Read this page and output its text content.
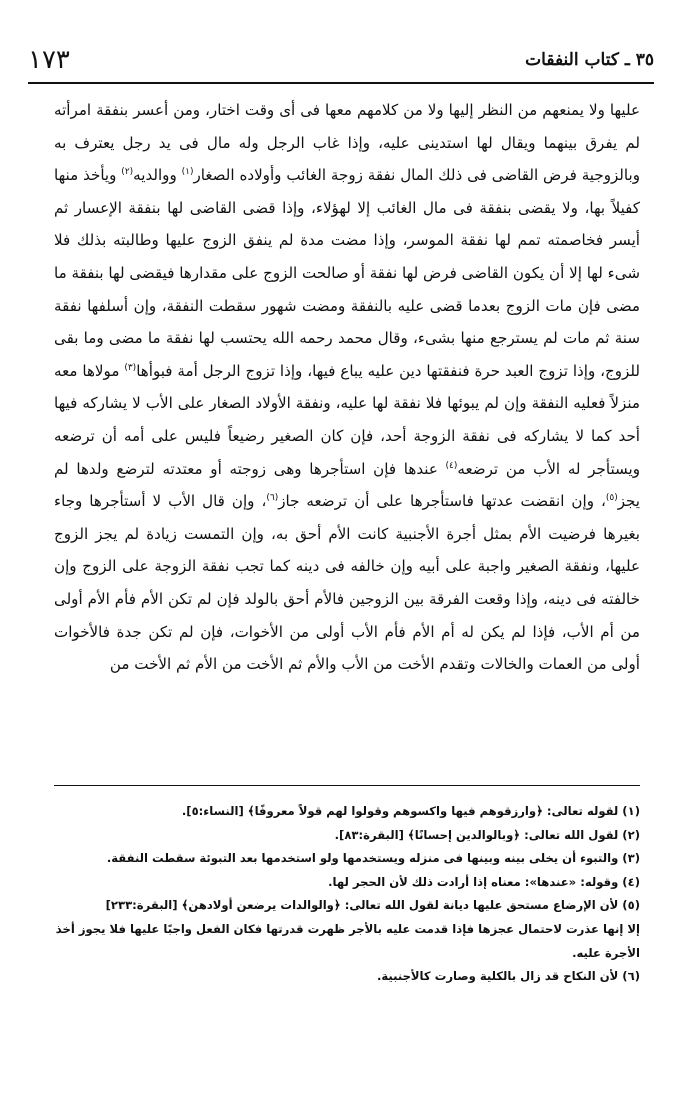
٣٥ ـ كتاب النفقات
١٧٣

عليها ولا يمنعهم من النظر إليها ولا من كلامهم معها فى أى وقت اختار، ومن أعسر بنفقة امرأته لم يفرق بينهما ويقال لها استدينى عليه، وإذا غاب الرجل وله مال فى يد رجل يعترف به وبالزوجية فرض القاضى فى ذلك المال نفقة زوجة الغائب وأولاده الصغار$^{(١)}$ ووالديه$^{(٢)}$ ويأخذ منها كفيلاً بها، ولا يقضى بنفقة فى مال الغائب إلا لهؤلاء، وإذا قضى القاضى لها بنفقة الإعسار ثم أيسر فخاصمته تمم لها نفقة الموسر، وإذا مضت مدة لم ينفق الزوج عليها وطالبته بذلك فلا شىء لها إلا أن يكون القاضى فرض لها نفقة أو صالحت الزوج على مقدارها فيقضى لها بنفقة ما مضى فإن مات الزوج بعدما قضى عليه بالنفقة ومضت شهور سقطت النفقة، وإن أسلفها نفقة سنة ثم مات لم يسترجع منها بشىء، وقال محمد رحمه الله يحتسب لها نفقة ما مضى وما بقى للزوج، وإذا تزوج العبد حرة فنفقتها دين عليه يباع فيها، وإذا تزوج الرجل أمة فبوأها$^{(٣)}$ مولاها معه منزلاً فعليه النفقة وإن لم يبوئها فلا نفقة لها عليه، ونفقة الأولاد الصغار على الأب لا يشاركه فيها أحد كما لا يشاركه فى نفقة الزوجة أحد، فإن كان الصغير رضيعاً فليس على أمه أن ترضعه ويستأجر له الأب من ترضعه$^{(٤)}$ عندها فإن استأجرها وهى زوجته أو معتدته لترضع ولدها لم يجز$^{(٥)}$، وإن انقضت عدتها فاستأجرها على أن ترضعه جاز$^{(٦)}$، وإن قال الأب لا أستأجرها وجاء بغيرها فرضيت الأم بمثل أجرة الأجنبية كانت الأم أحق به، وإن التمست زيادة لم يجز الزوج عليها، ونفقة الصغير واجبة على أبيه وإن خالفه فى دينه كما تجب نفقة الزوجة على الزوج وإن خالفته فى دينه، وإذا وقعت الفرقة بين الزوجين فالأم أحق بالولد فإن لم تكن الأم فأم الأم أولى من أم الأب، فإذا لم يكن له أم الأم فأم الأب أولى من الأخوات، فإن لم تكن جدة فالأخوات أولى من العمات والخالات وتقدم الأخت من الأب والأم ثم الأخت من الأم ثم الأخت من

(١)لقوله تعالى: ﴿وارزقوهم فيها واكسوهم وقولوا لهم قولاً معروفًا﴾ [النساء:٥].

(٢)لقول الله تعالى: ﴿وبالوالدين إحسانًا﴾ [البقرة:٨٣].

(٣)والتبوء أن يخلى بينه وبينها فى منزله ويستخدمها ولو استخدمها بعد التبوئة سقطت النفقة.

(٤)وقوله: «عندها»: معناه إذا أرادت ذلك لأن الحجر لها.

(٥)لأن الإرضاع مستحق عليها ديانة لقول الله تعالى: ﴿والوالدات يرضعن أولادهن﴾ [البقرة:٢٣٣]
إلا إنها عذرت لاحتمال عجزها فإذا قدمت عليه بالأجر ظهرت قدرتها فكان الفعل واجبًا عليها فلا يجوز أخذ الأجرة عليه.

(٦)لأن النكاح قد زال بالكلية وصارت كالأجنبية.
